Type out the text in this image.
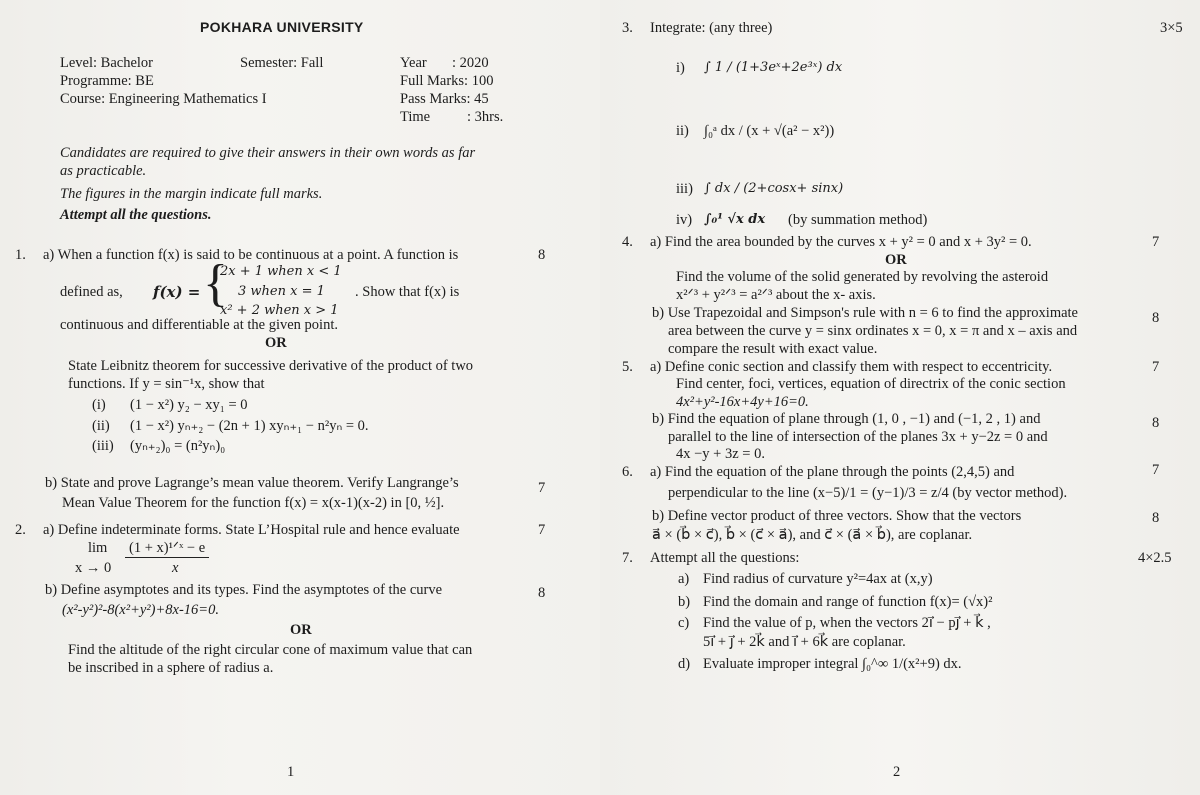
POKHARA UNIVERSITY
Level: Bachelor	Semester: Fall	Year : 2020
Programme: BE	Full Marks: 100
Course: Engineering Mathematics I	Pass Marks: 45
Time	: 3hrs.
Candidates are required to give their answers in their own words as far
as practicable.
The figures in the margin indicate full marks.
Attempt all the questions.
1. a) When a function f(x) is said to be continuous at a point. A function is	8
defined as, f(x) = {
2x + 1 when x < 1
3 when x = 1
x² + 2 when x > 1
. Show that f(x) is
continuous and differentiable at the given point.
OR
State Leibnitz theorem for successive derivative of the product of two
functions. If y = sin⁻¹x, show that
(i) (1 − x²) y₂ − xy₁ = 0
(ii) (1 − x²) yₙ₊₂ − (2n + 1) xyₙ₊₁ − n²yₙ = 0.
(iii) (yₙ₊₂)₀ = (n²yₙ)₀
b) State and prove Lagrange’s mean value theorem. Verify Langrange’s	7
Mean Value Theorem for the function f(x) = x(x-1)(x-2) in [0, ½].
2. a) Define indeterminate forms. State L’Hospital rule and hence evaluate	7
lim (1 + x)¹ᐟˣ − e
x → 0	x
b) Define asymptotes and its types. Find the asymptotes of the curve	8
(x²-y²)²-8(x²+y²)+8x-16=0.
OR
Find the altitude of the right circular cone of maximum value that can
be inscribed in a sphere of radius a.
1
3. Integrate: (any three)	3×5
i) ∫ 1 / (1+3eˣ+2e³ˣ) dx
ii) ∫₀ᵃ dx / (x + √(a² − x²))
iii) ∫ dx / (2+cosx+ sinx)
iv) ∫₀¹ √x dx (by summation method)
4. a) Find the area bounded by the curves x + y² = 0 and x + 3y² = 0.	7
OR
Find the volume of the solid generated by revolving the asteroid
x²ᐟ³ + y²ᐟ³ = a²ᐟ³ about the x- axis.
b) Use Trapezoidal and Simpson's rule with n = 6 to find the approximate	8
area between the curve y = sinx ordinates x = 0, x = π and x – axis and
compare the result with exact value.
5. a) Define conic section and classify them with respect to eccentricity.	7
Find center, foci, vertices, equation of directrix of the conic section
4x²+y²-16x+4y+16=0.
b) Find the equation of plane through (1, 0 , −1) and (−1, 2 , 1) and	8
parallel to the line of intersection of the planes 3x + y−2z = 0 and
4x −y + 3z = 0.
6. a) Find the equation of the plane through the points (2,4,5) and	7
perpendicular to the line (x−5)/1 = (y−1)/3 = z/4 (by vector method).
b) Define vector product of three vectors. Show that the vectors	8
a⃗ × (b⃗ × c⃗), b⃗ × (c⃗ × a⃗), and c⃗ × (a⃗ × b⃗), are coplanar.
7. Attempt all the questions:	4×2.5
a) Find radius of curvature y²=4ax at (x,y)
b) Find the domain and range of function f(x)= (√x)²
c) Find the value of p, when the vectors 2i⃗ − pj⃗ + k⃗ ,
5i⃗ + j⃗ + 2k⃗ and i⃗ + 6k⃗ are coplanar.
d) Evaluate improper integral ∫₀^∞ 1/(x²+9) dx.
2
